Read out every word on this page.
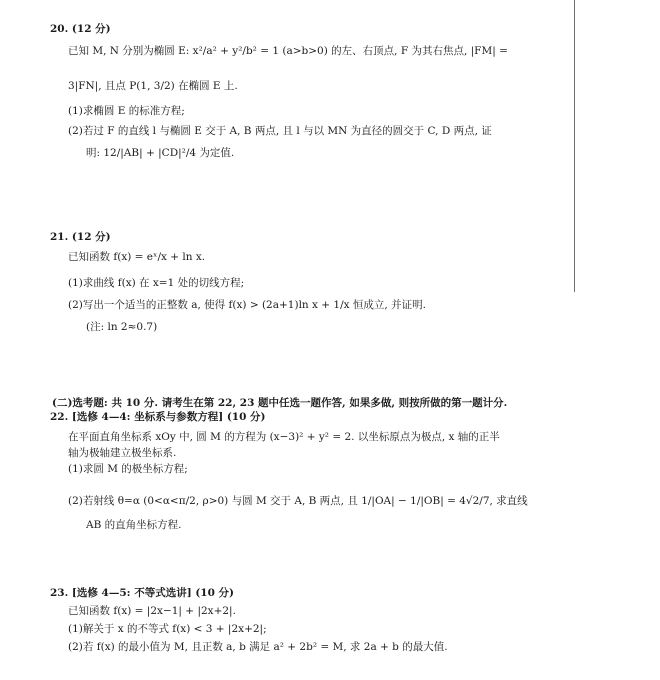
20. (12 分)
已知 M, N 分别为椭圆 E: x²/a² + y²/b² = 1 (a>b>0) 的左、右顶点, F 为其右焦点, |FM| =
3|FN|, 且点 P(1, 3/2) 在椭圆 E 上.
(1)求椭圆 E 的标准方程;
(2)若过 F 的直线 l 与椭圆 E 交于 A, B 两点, 且 l 与以 MN 为直径的圆交于 C, D 两点, 证
明: 12/|AB| + |CD|²/4 为定值.
21. (12 分)
已知函数 f(x) = eˣ/x + ln x.
(1)求曲线 f(x) 在 x=1 处的切线方程;
(2)写出一个适当的正整数 a, 使得 f(x) > (2a+1)ln x + 1/x 恒成立, 并证明.
(注: ln 2≈0.7)
(二)选考题: 共 10 分. 请考生在第 22, 23 题中任选一题作答, 如果多做, 则按所做的第一题计分.
22. [选修 4—4: 坐标系与参数方程] (10 分)
在平面直角坐标系 xOy 中, 圆 M 的方程为 (x−3)² + y² = 2. 以坐标原点为极点, x 轴的正半
轴为极轴建立极坐标系.
(1)求圆 M 的极坐标方程;
(2)若射线 θ=α (0<α<π/2, ρ>0) 与圆 M 交于 A, B 两点, 且 1/|OA| − 1/|OB| = 4√2/7, 求直线
AB 的直角坐标方程.
23. [选修 4—5: 不等式选讲] (10 分)
已知函数 f(x) = |2x−1| + |2x+2|.
(1)解关于 x 的不等式 f(x) < 3 + |2x+2|;
(2)若 f(x) 的最小值为 M, 且正数 a, b 满足 a² + 2b² = M, 求 2a + b 的最大值.
